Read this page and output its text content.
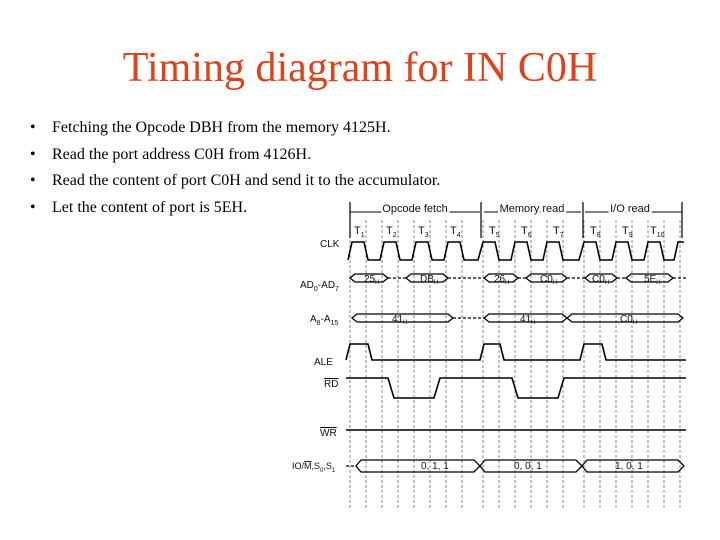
Timing diagram for IN C0H
• Fetching the Opcode DBH from the memory 4125H.
• Read the port address C0H from 4126H.
• Read the content of port C0H and send it to the accumulator.
• Let the content of port is 5EH.	Opcode fetch	Memory read	I/O read
$T_1$ $T_2$ $T_3$ $T_4$	$T_5$ $T_6$ $T_7$ $T_8$ $T_9$ $T_{10}$
CLK
$AD_0-AD_7$
$A_8-A_{15}$
ALE
RD
WR
$IO/M,S_0,S_1$
$25_H$	$DB_H$	$26_H$	$C0_H$	$C0_H$	$5E_H$
$41_H$	$41_H$	$C0_H$
0, 1, 1	0, 0, 1	1, 0, 1
